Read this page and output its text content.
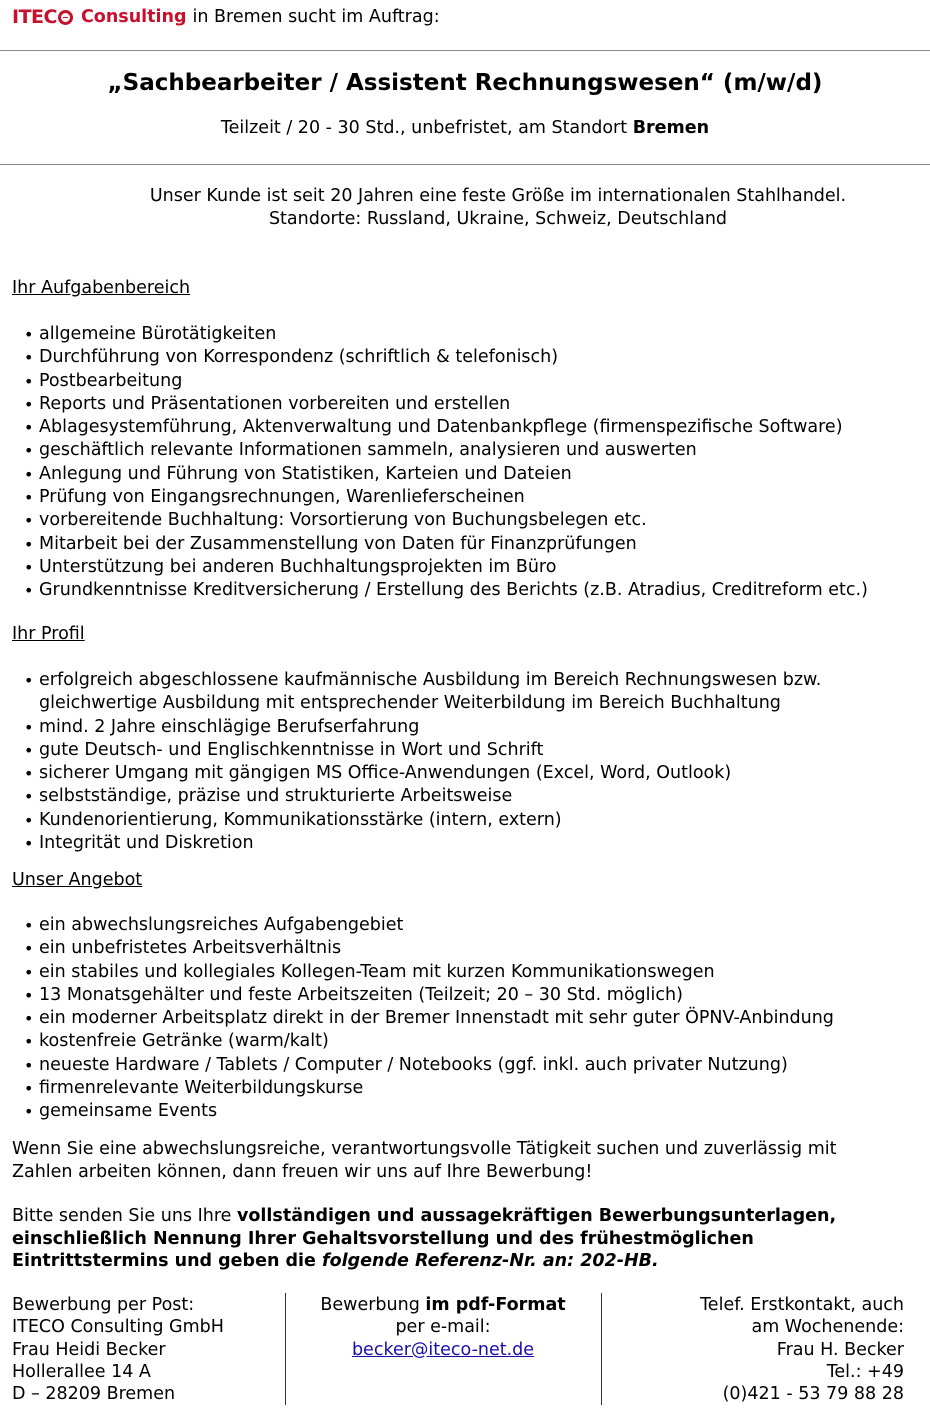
ITEC Consulting in Bremen sucht im Auftrag:
„Sachbearbeiter / Assistent Rechnungswesen“ (m/w/d)
Teilzeit / 20 - 30 Std., unbefristet, am Standort Bremen
Unser Kunde ist seit 20 Jahren eine feste Größe im internationalen Stahlhandel.
Standorte: Russland, Ukraine, Schweiz, Deutschland
Ihr Aufgabenbereich
• allgemeine Bürotätigkeiten
• Durchführung von Korrespondenz (schriftlich & telefonisch)
• Postbearbeitung
• Reports und Präsentationen vorbereiten und erstellen
• Ablagesystemführung, Aktenverwaltung und Datenbankpflege (firmenspezifische Software)
• geschäftlich relevante Informationen sammeln, analysieren und auswerten
• Anlegung und Führung von Statistiken, Karteien und Dateien
• Prüfung von Eingangsrechnungen, Warenlieferscheinen
• vorbereitende Buchhaltung: Vorsortierung von Buchungsbelegen etc.
• Mitarbeit bei der Zusammenstellung von Daten für Finanzprüfungen
• Unterstützung bei anderen Buchhaltungsprojekten im Büro
• Grundkenntnisse Kreditversicherung / Erstellung des Berichts (z.B. Atradius, Creditreform etc.)
Ihr Profil
• erfolgreich abgeschlossene kaufmännische Ausbildung im Bereich Rechnungswesen bzw.
gleichwertige Ausbildung mit entsprechender Weiterbildung im Bereich Buchhaltung
• mind. 2 Jahre einschlägige Berufserfahrung
• gute Deutsch- und Englischkenntnisse in Wort und Schrift
• sicherer Umgang mit gängigen MS Office-Anwendungen (Excel, Word, Outlook)
• selbstständige, präzise und strukturierte Arbeitsweise
• Kundenorientierung, Kommunikationsstärke (intern, extern)
• Integrität und Diskretion
Unser Angebot
• ein abwechslungsreiches Aufgabengebiet
• ein unbefristetes Arbeitsverhältnis
• ein stabiles und kollegiales Kollegen-Team mit kurzen Kommunikationswegen
• 13 Monatsgehälter und feste Arbeitszeiten (Teilzeit; 20 – 30 Std. möglich)
• ein moderner Arbeitsplatz direkt in der Bremer Innenstadt mit sehr guter ÖPNV-Anbindung
• kostenfreie Getränke (warm/kalt)
• neueste Hardware / Tablets / Computer / Notebooks (ggf. inkl. auch privater Nutzung)
• firmenrelevante Weiterbildungskurse
• gemeinsame Events
Wenn Sie eine abwechslungsreiche, verantwortungsvolle Tätigkeit suchen und zuverlässig mit
Zahlen arbeiten können, dann freuen wir uns auf Ihre Bewerbung!
Bitte senden Sie uns Ihre vollständigen und aussagekräftigen Bewerbungsunterlagen,
einschließlich Nennung Ihrer Gehaltsvorstellung und des frühestmöglichen
Eintrittstermins und geben die folgende Referenz-Nr. an: 202-HB.
Bewerbung per Post:
ITECO Consulting GmbH
Frau Heidi Becker
Hollerallee 14 A
D – 28209 Bremen
Bewerbung im pdf-Format
per e-mail:
becker@iteco-net.de
Telef. Erstkontakt, auch
am Wochenende:
Frau H. Becker
Tel.: +49
(0)421 - 53 79 88 28
